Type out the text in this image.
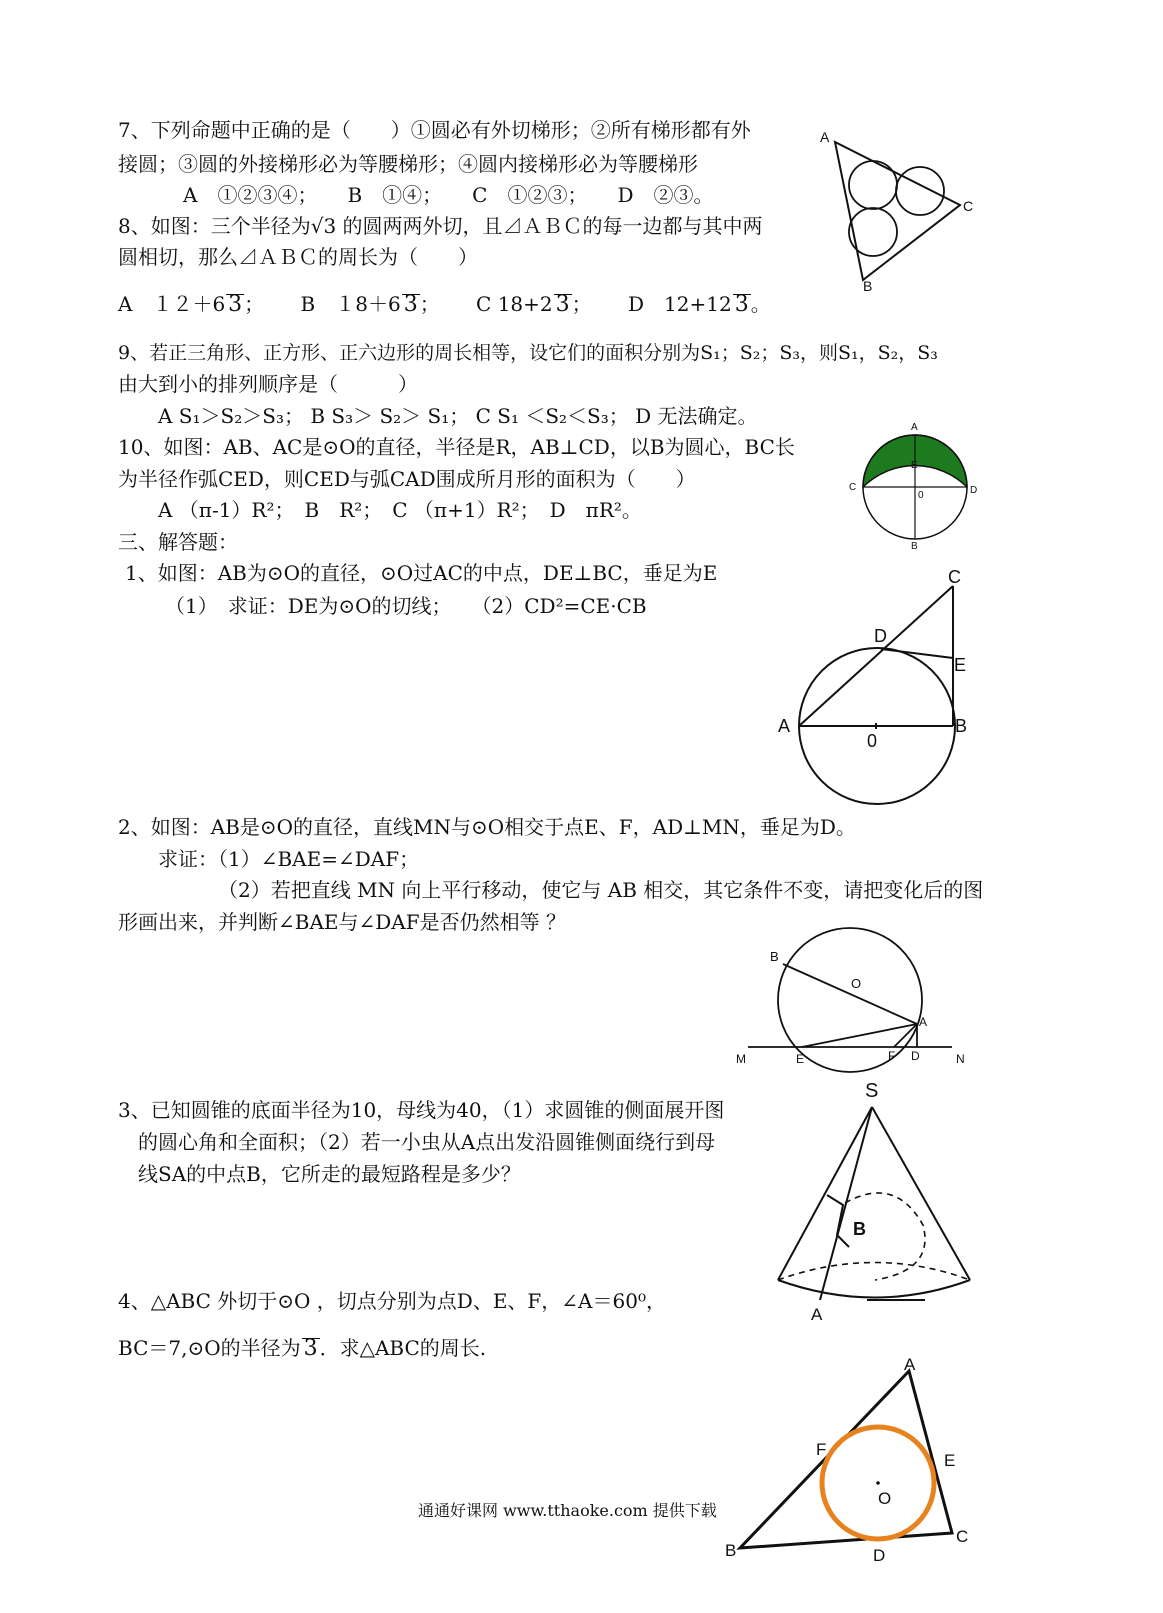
7、下列命题中正确的是（　　）①圆必有外切梯形；②所有梯形都有外
接圆；③圆的外接梯形必为等腰梯形；④圆内接梯形必为等腰梯形
A　①②③④；　　B　①④；　　C　①②③；　　D　②③。
8、如图：三个半径为√3 的圆两两外切，且⊿ＡＢＣ的每一边都与其中两
圆相切，那么⊿ＡＢＣ的周长为（　　）
A　１２＋6 3 ； B　１8＋6 3 ； C 18+2 3 ； D　12+12 3 。
9、若正三角形、正方形、正六边形的周长相等，设它们的面积分别为S₁；S₂；S₃，则S₁，S₂，S₃
由大到小的排列顺序是（　　　）
A S₁＞S₂＞S₃； B S₃＞ S₂＞ S₁； C S₁ ＜S₂＜S₃； D 无法确定。
10、如图：AB、AC是⊙O的直径，半径是R，AB⊥CD，以B为圆心，BC长
为半径作弧CED，则CED与弧CAD围成所月形的面积为（　　）
A （π-1）R²；　B　R²；　C （π+1）R²；　D　πR²。
三、解答题：
1、如图：AB为⊙O的直径，⊙O过AC的中点，DE⊥BC，垂足为E
（1）　求证：DE为⊙O的切线；　　（2）CD²=CE·CB
2、如图：AB是⊙O的直径，直线MN与⊙O相交于点E、F，AD⊥MN，垂足为D。
求证：（1）∠BAE=∠DAF；
（2）若把直线 MN 向上平行移动，使它与 AB 相交，其它条件不变，请把变化后的图
形画出来，并判断∠BAE与∠DAF是否仍然相等 ？
3、已知圆锥的底面半径为10，母线为40，（1）求圆锥的侧面展开图
的圆心角和全面积；（2）若一小虫从A点出发沿圆锥侧面绕行到母
线SA的中点B，它所走的最短路程是多少？
4、△ABC 外切于⊙O ，切点分别为点D、E、F，∠A＝60⁰，
BC＝7,⊙O的半径为 3 ．求△ABC的周长.
通通好课网 www.tthaoke.com 提供下载
A
C
B
A
B
C	D
E
0
C
D
E
A	B
0
B
O
A
M	E	F D	N
S
B
A
A
F
E
O
B
C
D
